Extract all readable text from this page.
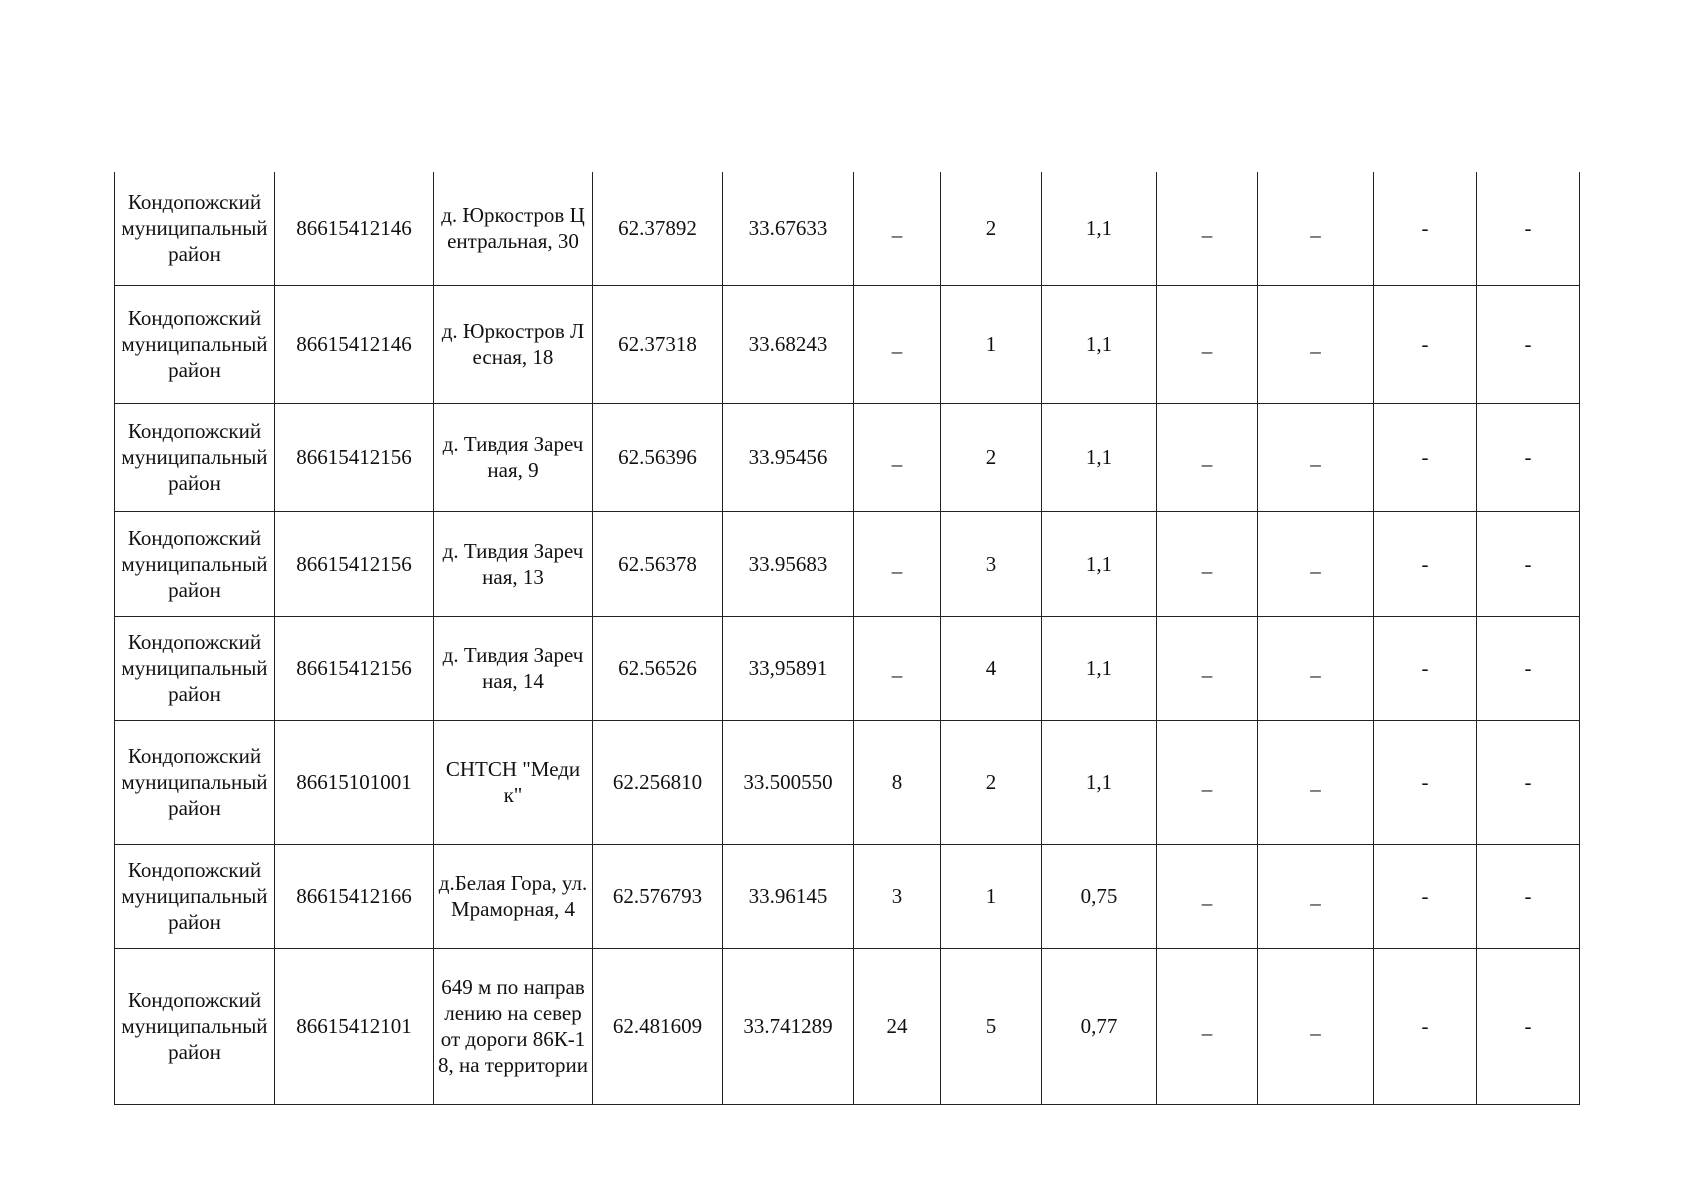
Кондопожский муниципальный район	86615412146	д. Юркостров Центральная, 30	62.37892	33.67633	_	2	1,1	_	_	-	-
Кондопожский муниципальный район	86615412146	д. Юркостров Лесная, 18	62.37318	33.68243	_	1	1,1	_	_	-	-
Кондопожский муниципальный район	86615412156	д. Тивдия Заречная, 9	62.56396	33.95456	_	2	1,1	_	_	-	-
Кондопожский муниципальный район	86615412156	д. Тивдия Заречная, 13	62.56378	33.95683	_	3	1,1	_	_	-	-
Кондопожский муниципальный район	86615412156	д. Тивдия Заречная, 14	62.56526	33,95891	_	4	1,1	_	_	-	-
Кондопожский муниципальный район	86615101001	СНТСН "Медик"	62.256810	33.500550	8	2	1,1	_	_	-	-
Кондопожский муниципальный район	86615412166	д.Белая Гора, ул.Мраморная, 4	62.576793	33.96145	3	1	0,75	_	_	-	-
Кондопожский муниципальный район	86615412101	649 м по направлению на север от дороги 86К-18, на территории	62.481609	33.741289	24	5	0,77	_	_	-	-
